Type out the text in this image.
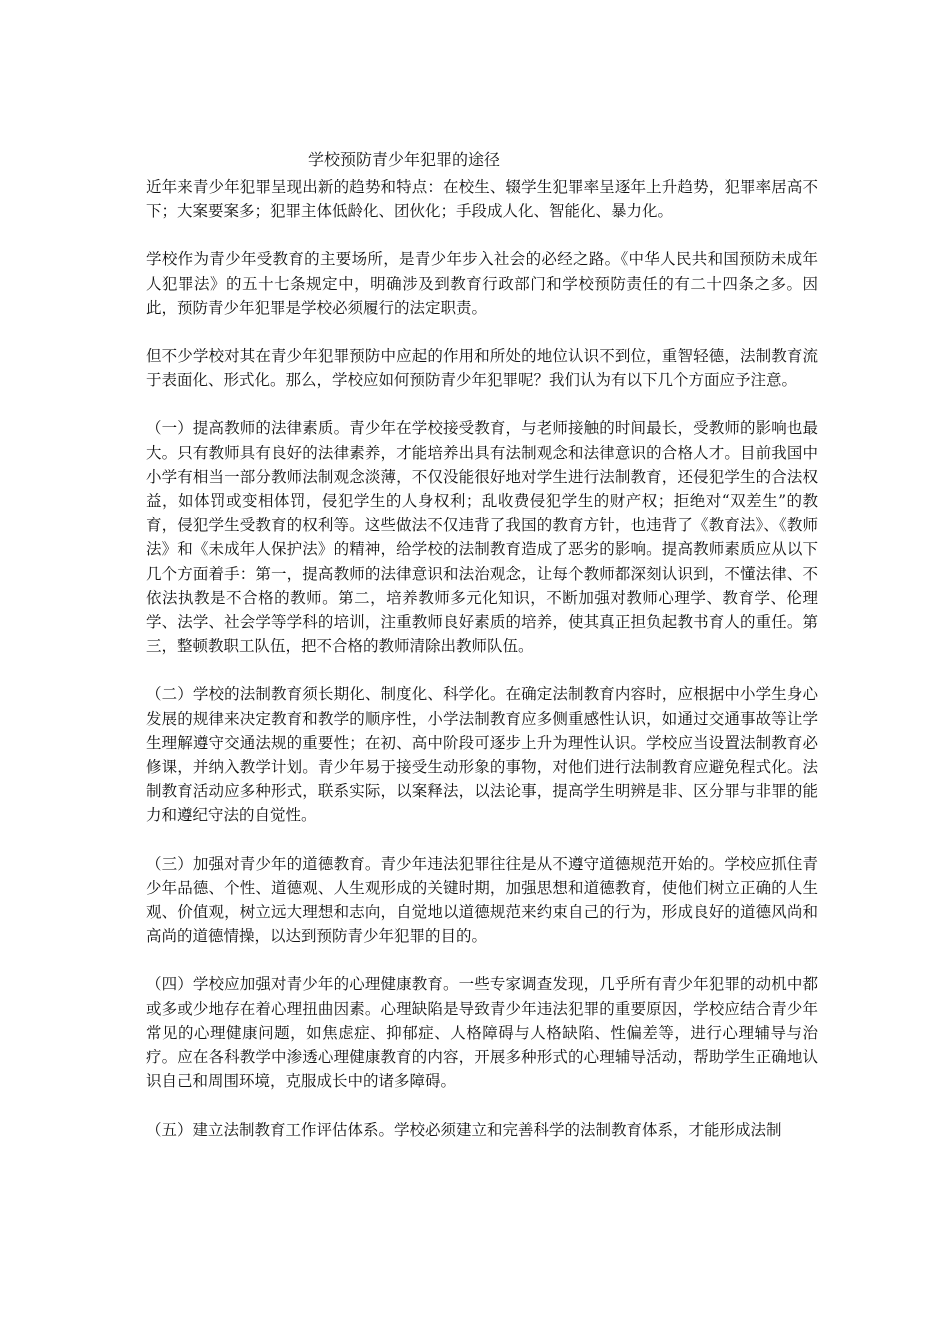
学校预防青少年犯罪的途径

近年来青少年犯罪呈现出新的趋势和特点：在校生、辍学生犯罪率呈逐年上升趋势，犯罪率居高不下；大案要案多；犯罪主体低龄化、团伙化；手段成人化、智能化、暴力化。

学校作为青少年受教育的主要场所，是青少年步入社会的必经之路。《中华人民共和国预防未成年人犯罪法》的五十七条规定中，明确涉及到教育行政部门和学校预防责任的有二十四条之多。因此，预防青少年犯罪是学校必须履行的法定职责。

但不少学校对其在青少年犯罪预防中应起的作用和所处的地位认识不到位，重智轻德，法制教育流于表面化、形式化。那么，学校应如何预防青少年犯罪呢？我们认为有以下几个方面应予注意。

（一）提高教师的法律素质。青少年在学校接受教育，与老师接触的时间最长，受教师的影响也最大。只有教师具有良好的法律素养，才能培养出具有法制观念和法律意识的合格人才。目前我国中小学有相当一部分教师法制观念淡薄，不仅没能很好地对学生进行法制教育，还侵犯学生的合法权益，如体罚或变相体罚，侵犯学生的人身权利；乱收费侵犯学生的财产权；拒绝对“双差生”的教育，侵犯学生受教育的权利等。这些做法不仅违背了我国的教育方针，也违背了《教育法》、《教师法》和《未成年人保护法》的精神，给学校的法制教育造成了恶劣的影响。提高教师素质应从以下几个方面着手：第一，提高教师的法律意识和法治观念，让每个教师都深刻认识到，不懂法律、不依法执教是不合格的教师。第二，培养教师多元化知识，不断加强对教师心理学、教育学、伦理学、法学、社会学等学科的培训，注重教师良好素质的培养，使其真正担负起教书育人的重任。第三，整顿教职工队伍，把不合格的教师清除出教师队伍。

（二）学校的法制教育须长期化、制度化、科学化。在确定法制教育内容时，应根据中小学生身心发展的规律来决定教育和教学的顺序性，小学法制教育应多侧重感性认识，如通过交通事故等让学生理解遵守交通法规的重要性；在初、高中阶段可逐步上升为理性认识。学校应当设置法制教育必修课，并纳入教学计划。青少年易于接受生动形象的事物，对他们进行法制教育应避免程式化。法制教育活动应多种形式，联系实际，以案释法，以法论事，提高学生明辨是非、区分罪与非罪的能力和遵纪守法的自觉性。

（三）加强对青少年的道德教育。青少年违法犯罪往往是从不遵守道德规范开始的。学校应抓住青少年品德、个性、道德观、人生观形成的关键时期，加强思想和道德教育，使他们树立正确的人生观、价值观，树立远大理想和志向，自觉地以道德规范来约束自己的行为，形成良好的道德风尚和高尚的道德情操，以达到预防青少年犯罪的目的。

（四）学校应加强对青少年的心理健康教育。一些专家调查发现，几乎所有青少年犯罪的动机中都或多或少地存在着心理扭曲因素。心理缺陷是导致青少年违法犯罪的重要原因，学校应结合青少年常见的心理健康问题，如焦虑症、抑郁症、人格障碍与人格缺陷、性偏差等，进行心理辅导与治疗。应在各科教学中渗透心理健康教育的内容，开展多种形式的心理辅导活动，帮助学生正确地认识自己和周围环境，克服成长中的诸多障碍。

（五）建立法制教育工作评估体系。学校必须建立和完善科学的法制教育体系，才能形成法制
